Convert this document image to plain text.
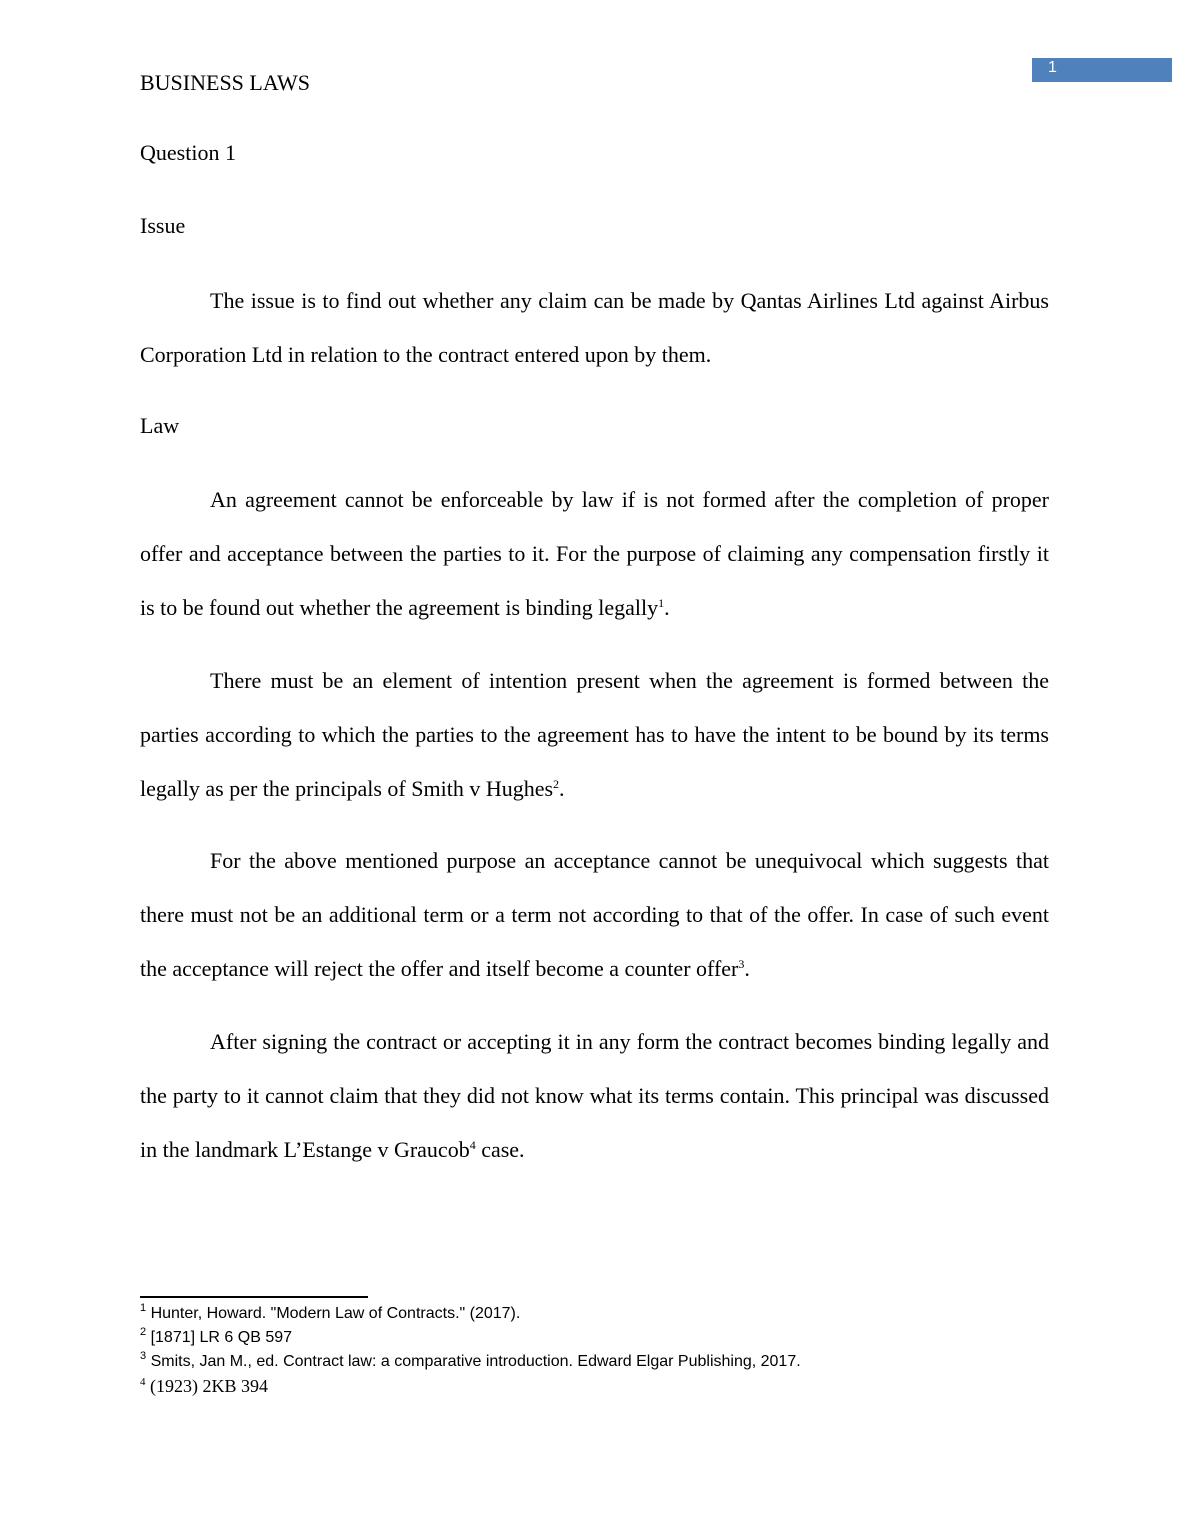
1
BUSINESS LAWS
Question 1
Issue

The issue is to find out whether any claim can be made by Qantas Airlines Ltd against Airbus Corporation Ltd in relation to the contract entered upon by them.

Law

An agreement cannot be enforceable by law if is not formed after the completion of proper offer and acceptance between the parties to it. For the purpose of claiming any compensation firstly it is to be found out whether the agreement is binding legally$^1$.

There must be an element of intention present when the agreement is formed between the parties according to which the parties to the agreement has to have the intent to be bound by its terms legally as per the principals of Smith v Hughes$^2$.

For the above mentioned purpose an acceptance cannot be unequivocal which suggests that there must not be an additional term or a term not according to that of the offer. In case of such event the acceptance will reject the offer and itself become a counter offer$^3$.

After signing the contract or accepting it in any form the contract becomes binding legally and the party to it cannot claim that they did not know what its terms contain. This principal was discussed in the landmark L’Estange v Graucob$^4$ case.

$^1$ Hunter, Howard. "Modern Law of Contracts." (2017).
$^2$ [1871] LR 6 QB 597
$^3$ Smits, Jan M., ed. Contract law: a comparative introduction. Edward Elgar Publishing, 2017.
$^4$ (1923) 2KB 394
